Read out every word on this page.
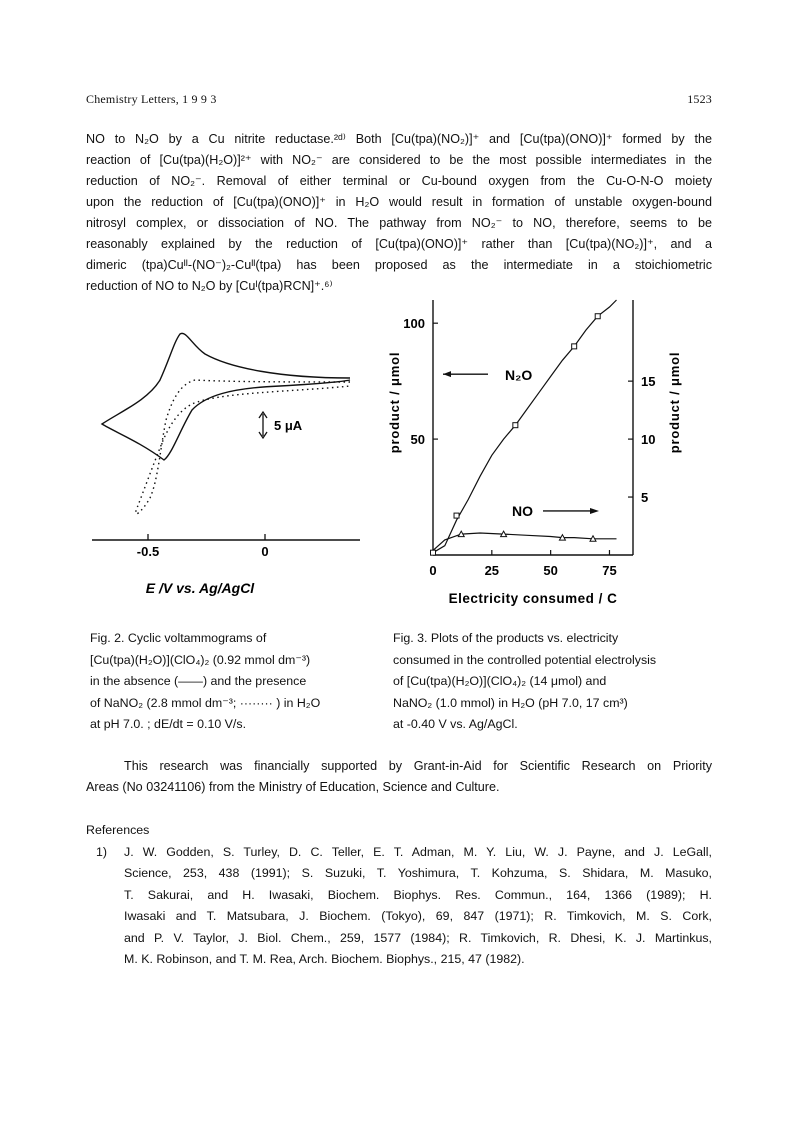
Chemistry Letters, 1 9 9 3	1523
NO to N₂O by a Cu nitrite reductase.²ᵈ⁾ Both [Cu(tpa)(NO₂)]⁺ and [Cu(tpa)(ONO)]⁺ formed by the
reaction of [Cu(tpa)(H₂O)]²⁺ with NO₂⁻ are considered to be the most possible intermediates in the
reduction of NO₂⁻. Removal of either terminal or Cu-bound oxygen from the Cu-O-N-O moiety
upon the reduction of [Cu(tpa)(ONO)]⁺ in H₂O would result in formation of unstable oxygen-bound
nitrosyl complex, or dissociation of NO. The pathway from NO₂⁻ to NO, therefore, seems to be
reasonably explained by the reduction of [Cu(tpa)(ONO)]⁺ rather than [Cu(tpa)(NO₂)]⁺, and a
dimeric (tpa)Cuᴵᴵ-(NO⁻)₂-Cuᴵᴵ(tpa) has been proposed as the intermediate in a stoichiometric
reduction of NO to N₂O by [Cuᴵ(tpa)RCN]⁺.⁶⁾
5 μA
-0.5	0
E /V vs. Ag/AgCl
0	25	50	75
50
100
5
10
15
Electricity consumed / C
product / μmol	product / μmol
N₂O
NO
Fig. 2. Cyclic voltammograms of
[Cu(tpa)(H₂O)](ClO₄)₂ (0.92 mmol dm⁻³)
in the absence (——) and the presence
of NaNO₂ (2.8 mmol dm⁻³; ········ ) in H₂O
at pH 7.0. ; dE/dt = 0.10 V/s.
Fig. 3. Plots of the products vs. electricity
consumed in the controlled potential electrolysis
of [Cu(tpa)(H₂O)](ClO₄)₂ (14 μmol) and
NaNO₂ (1.0 mmol) in H₂O (pH 7.0, 17 cm³)
at -0.40 V vs. Ag/AgCl.
This research was financially supported by Grant-in-Aid for Scientific Research on Priority
Areas (No 03241106) from the Ministry of Education, Science and Culture.
References
1) J. W. Godden, S. Turley, D. C. Teller, E. T. Adman, M. Y. Liu, W. J. Payne, and J. LeGall,
Science, 253, 438 (1991); S. Suzuki, T. Yoshimura, T. Kohzuma, S. Shidara, M. Masuko,
T. Sakurai, and H. Iwasaki, Biochem. Biophys. Res. Commun., 164, 1366 (1989); H.
Iwasaki and T. Matsubara, J. Biochem. (Tokyo), 69, 847 (1971); R. Timkovich, M. S. Cork,
and P. V. Taylor, J. Biol. Chem., 259, 1577 (1984); R. Timkovich, R. Dhesi, K. J. Martinkus,
M. K. Robinson, and T. M. Rea, Arch. Biochem. Biophys., 215, 47 (1982).
